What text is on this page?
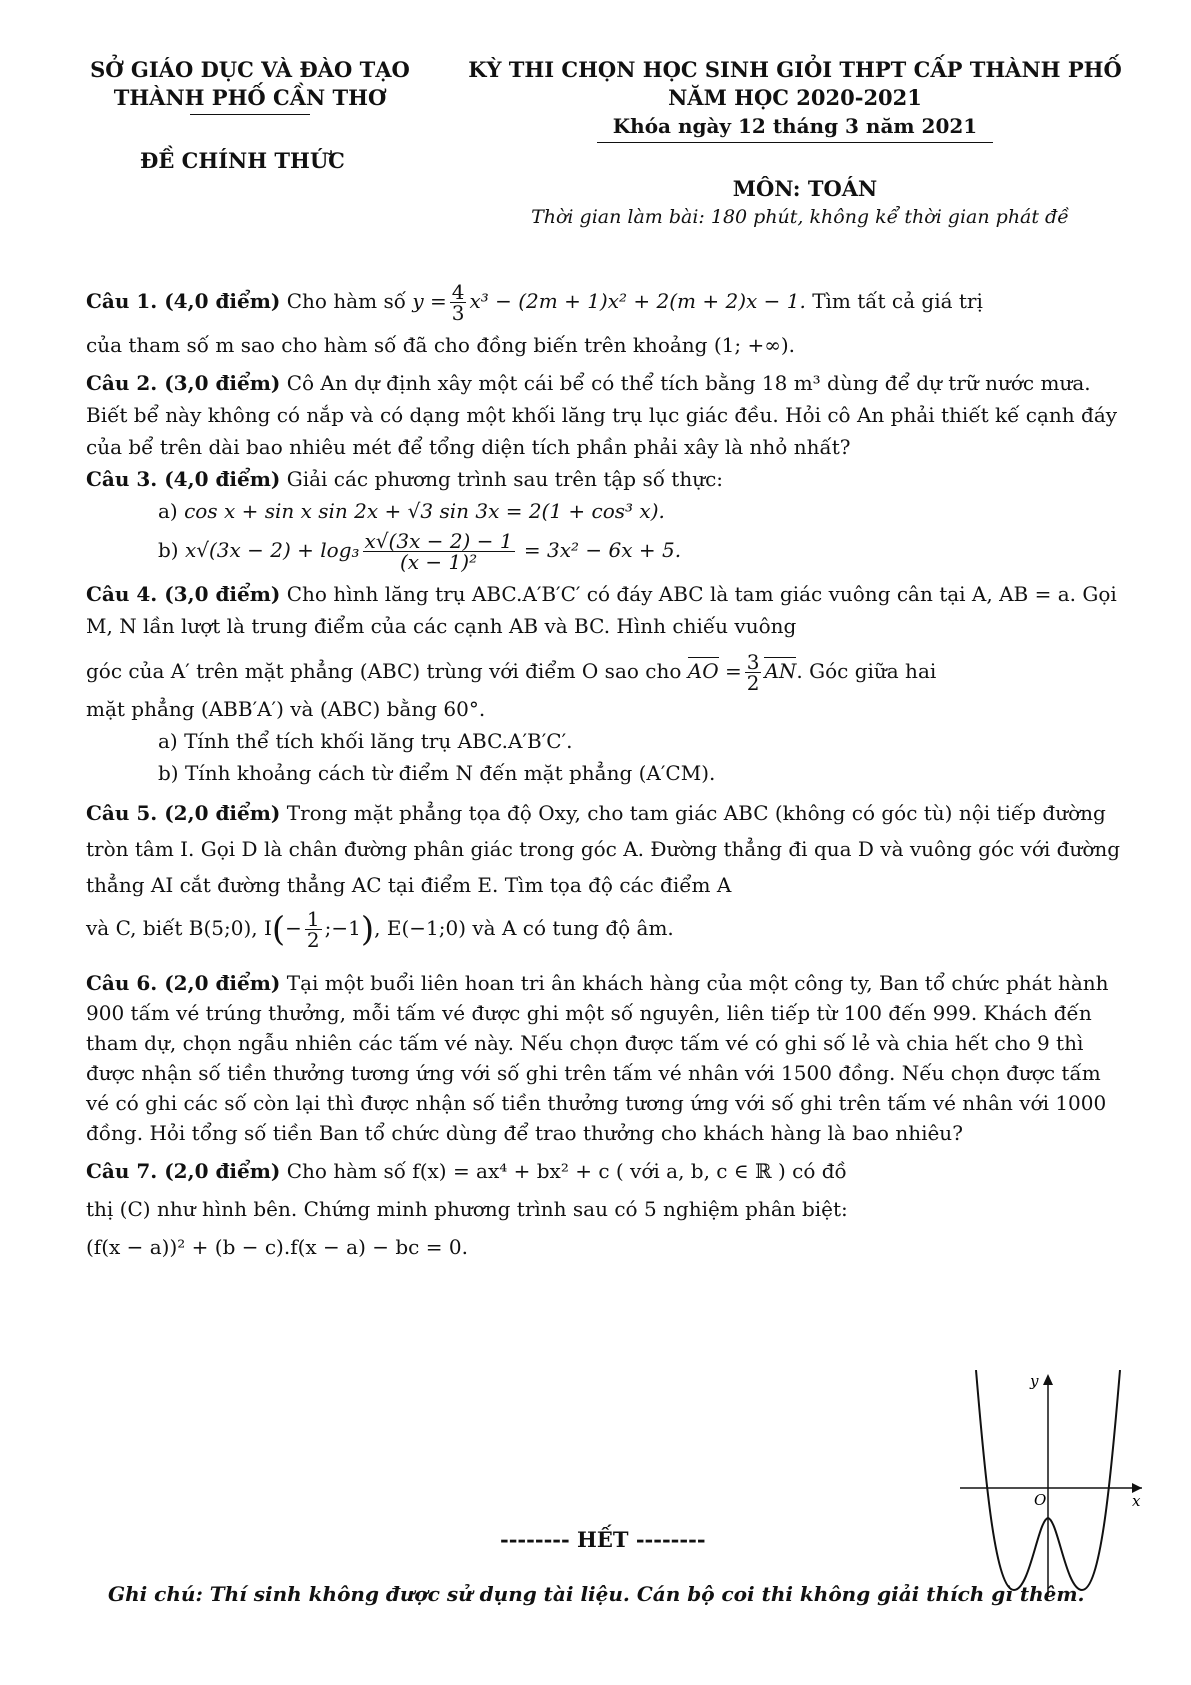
SỞ GIÁO DỤC VÀ ĐÀO TẠO
THÀNH PHỐ CẦN THƠ
ĐỀ CHÍNH THỨC
KỲ THI CHỌN HỌC SINH GIỎI THPT CẤP THÀNH PHỐ
NĂM HỌC 2020-2021
Khóa ngày 12 tháng 3 năm 2021
MÔN: TOÁN
Thời gian làm bài: 180 phút, không kể thời gian phát đề

Câu 1. (4,0 điểm) Cho hàm số $y = \frac{4}{3} x^3 - (2m + 1)x^2 + 2(m + 2)x - 1$. Tìm tất cả giá trị

của tham số m sao cho hàm số đã cho đồng biến trên khoảng (1; +∞).

Câu 2. (3,0 điểm) Cô An dự định xây một cái bể có thể tích bằng 18 m³ dùng để dự trữ nước mưa. Biết bể này không có nắp và có dạng một khối lăng trụ lục giác đều. Hỏi cô An phải thiết kế cạnh đáy của bể trên dài bao nhiêu mét để tổng diện tích phần phải xây là nhỏ nhất?

Câu 3. (4,0 điểm) Giải các phương trình sau trên tập số thực:

a) cos x + sin x sin 2x + √3 sin 3x = 2(1 + cos³ x).

b) $x√(3x - 2) + \log_3 \frac{x√(3x - 2) - 1}{\text{(x − 1)²}} = 3x^2 - 6x + 5$.

Câu 4. (3,0 điểm) Cho hình lăng trụ ABC.A′B′C′ có đáy ABC là tam giác vuông cân tại A, AB = a. Gọi M, N lần lượt là trung điểm của các cạnh AB và BC. Hình chiếu vuông

góc của A′ trên mặt phẳng (ABC) trùng với điểm O sao cho AO = $\frac{3}{2}$ AN. Góc giữa hai

mặt phẳng (ABB′A′) và (ABC) bằng 60°.

a) Tính thể tích khối lăng trụ ABC.A′B′C′.

b) Tính khoảng cách từ điểm N đến mặt phẳng (A′CM).

Câu 5. (2,0 điểm) Trong mặt phẳng tọa độ Oxy, cho tam giác ABC (không có góc tù) nội tiếp đường tròn tâm I. Gọi D là chân đường phân giác trong góc A. Đường thẳng đi qua D và vuông góc với đường thẳng AI cắt đường thẳng AC tại điểm E. Tìm tọa độ các điểm A

và C, biết B(5;0), $I(- \frac{1}{2}$ ;−1), E(−1;0) và A có tung độ âm.

Câu 6. (2,0 điểm) Tại một buổi liên hoan tri ân khách hàng của một công ty, Ban tổ chức phát hành 900 tấm vé trúng thưởng, mỗi tấm vé được ghi một số nguyên, liên tiếp từ 100 đến 999. Khách đến tham dự, chọn ngẫu nhiên các tấm vé này. Nếu chọn được tấm vé có ghi số lẻ và chia hết cho 9 thì được nhận số tiền thưởng tương ứng với số ghi trên tấm vé nhân với 1500 đồng. Nếu chọn được tấm vé có ghi các số còn lại thì được nhận số tiền thưởng tương ứng với số ghi trên tấm vé nhân với 1000 đồng. Hỏi tổng số tiền Ban tổ chức dùng để trao thưởng cho khách hàng là bao nhiêu?

Câu 7. (2,0 điểm) Cho hàm số f(x) = ax⁴ + bx² + c ( với a, b, c ∈ ℝ ) có đồ thị (C) như hình bên. Chứng minh phương trình sau có 5 nghiệm phân biệt: (f(x − a))² + (b − c).f(x − a) − bc = 0.

y
x
O
-------- HẾT --------
Ghi chú: Thí sinh không được sử dụng tài liệu. Cán bộ coi thi không giải thích gì thêm.
